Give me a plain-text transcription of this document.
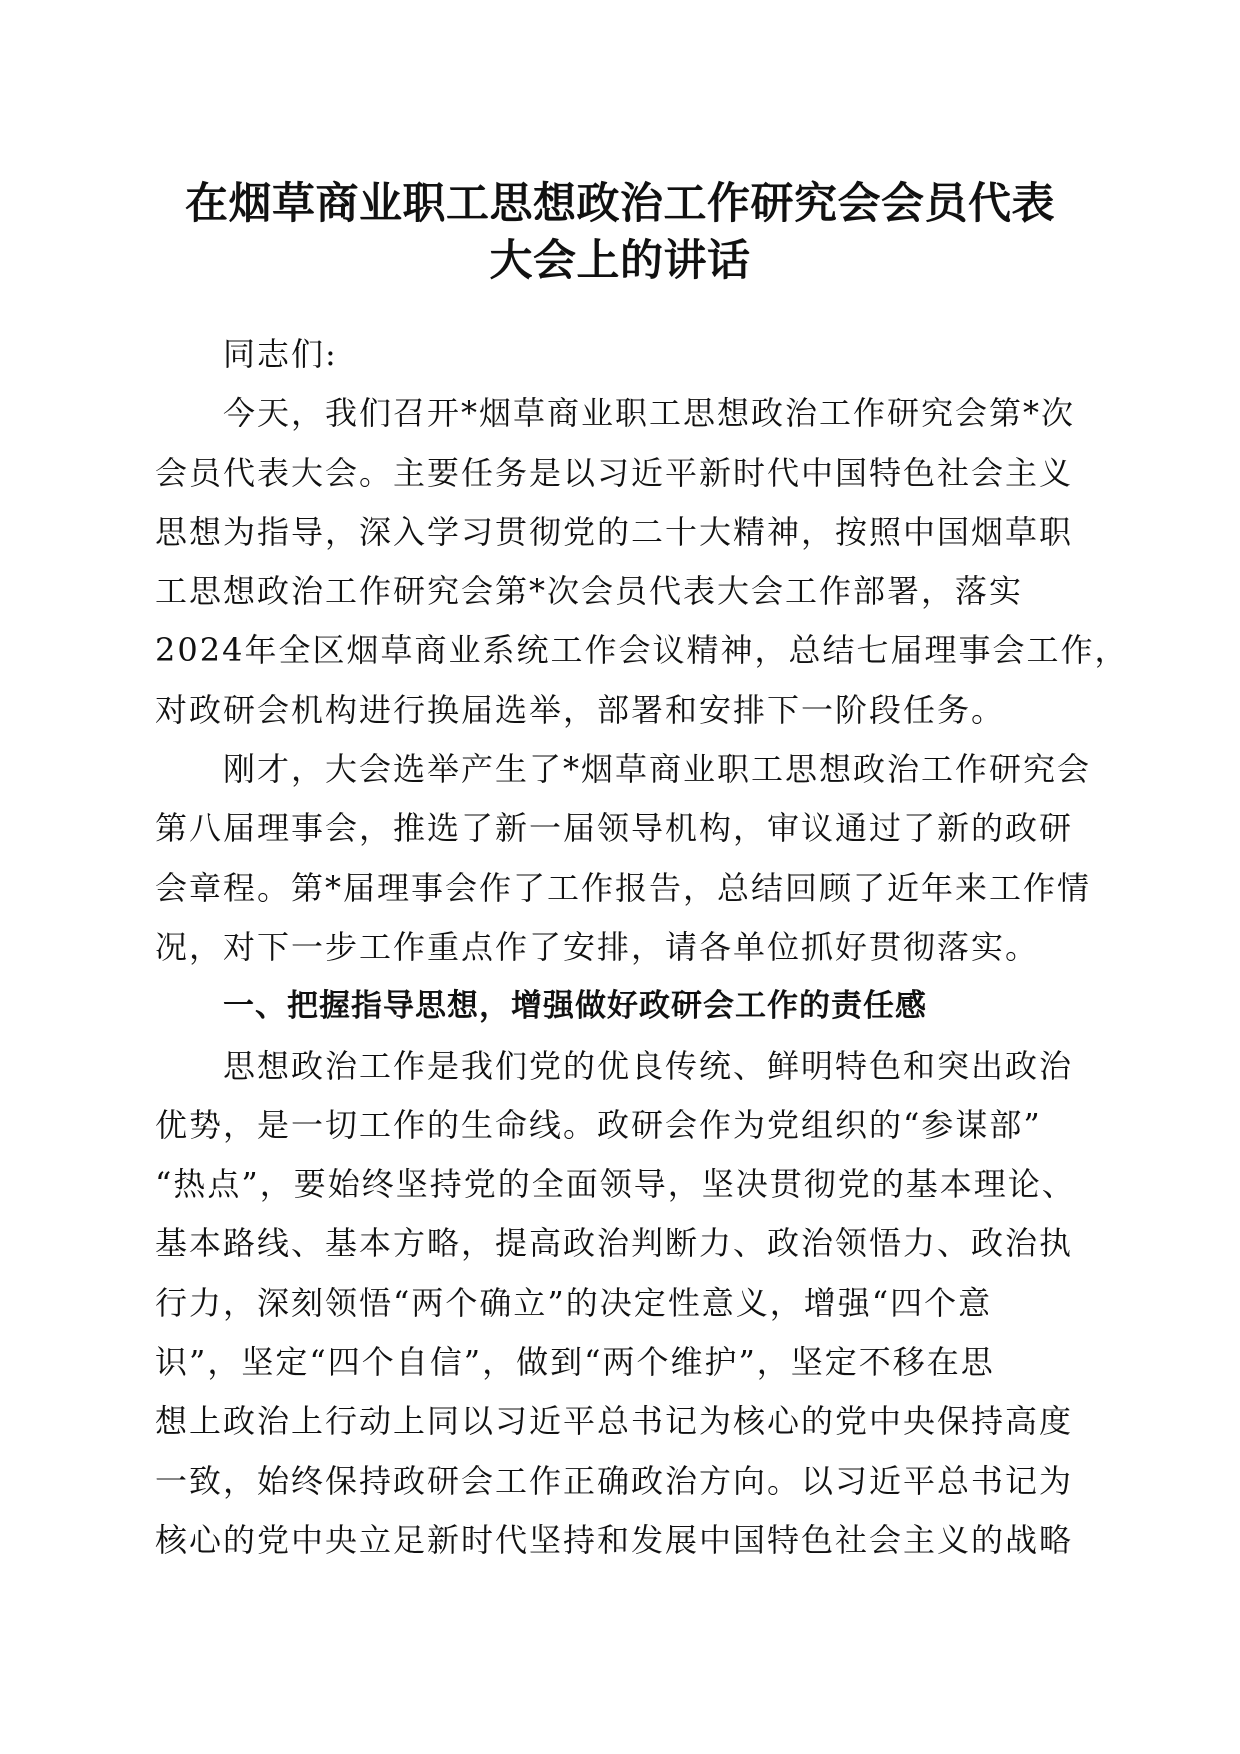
在烟草商业职工思想政治工作研究会会员代表
大会上的讲话
同志们:
今天，我们召开*烟草商业职工思想政治工作研究会第*次
会员代表大会。主要任务是以习近平新时代中国特色社会主义
思想为指导，深入学习贯彻党的二十大精神，按照中国烟草职
工思想政治工作研究会第*次会员代表大会工作部署，落实
2024年全区烟草商业系统工作会议精神，总结七届理事会工作，
对政研会机构进行换届选举，部署和安排下一阶段任务。
刚才，大会选举产生了*烟草商业职工思想政治工作研究会
第八届理事会，推选了新一届领导机构，审议通过了新的政研
会章程。第*届理事会作了工作报告，总结回顾了近年来工作情
况，对下一步工作重点作了安排，请各单位抓好贯彻落实。
一、把握指导思想，增强做好政研会工作的责任感
思想政治工作是我们党的优良传统、鲜明特色和突出政治
优势，是一切工作的生命线。政研会作为党组织的“参谋部”
“热点”，要始终坚持党的全面领导，坚决贯彻党的基本理论、
基本路线、基本方略，提高政治判断力、政治领悟力、政治执
行力，深刻领悟“两个确立”的决定性意义，增强“四个意
识”，坚定“四个自信”，做到“两个维护”，坚定不移在思
想上政治上行动上同以习近平总书记为核心的党中央保持高度
一致，始终保持政研会工作正确政治方向。以习近平总书记为
核心的党中央立足新时代坚持和发展中国特色社会主义的战略
